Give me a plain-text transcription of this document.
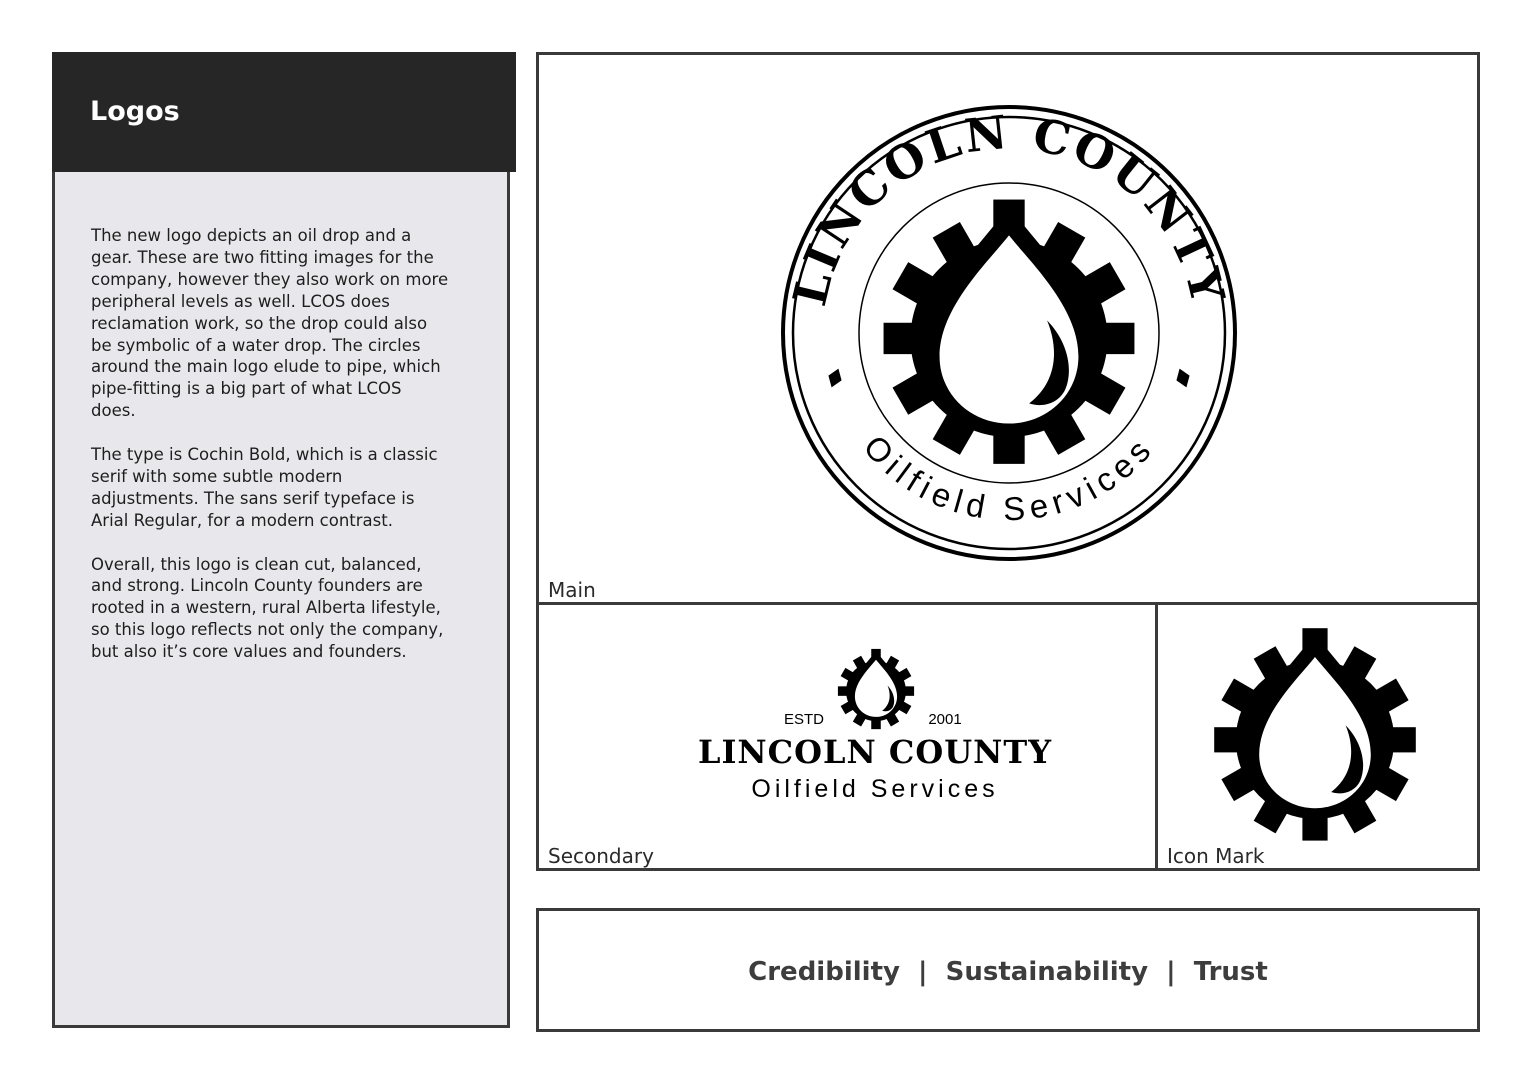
Logos

The new logo depicts an oil drop and a gear. These are two fitting images for the company, however they also work on more peripheral levels as well. LCOS does reclamation work, so the drop could also be symbolic of a water drop. The circles around the main logo elude to pipe, which pipe-fitting is a big part of what LCOS does.

The type is Cochin Bold, which is a classic serif with some subtle modern adjustments. The sans serif typeface is Arial Regular, for a modern contrast.

Overall, this logo is clean cut, balanced, and strong. Lincoln County founders are rooted in a western, rural Alberta lifestyle, so this logo reflects not only the company, but also it’s core values and founders.

LINCOLN COUNTY
Oilfield Services
Main
ESTD	2001
LINCOLN COUNTY
Oilfield Services
Secondary	Icon Mark
Credibility  |  Sustainability  |  Trust
